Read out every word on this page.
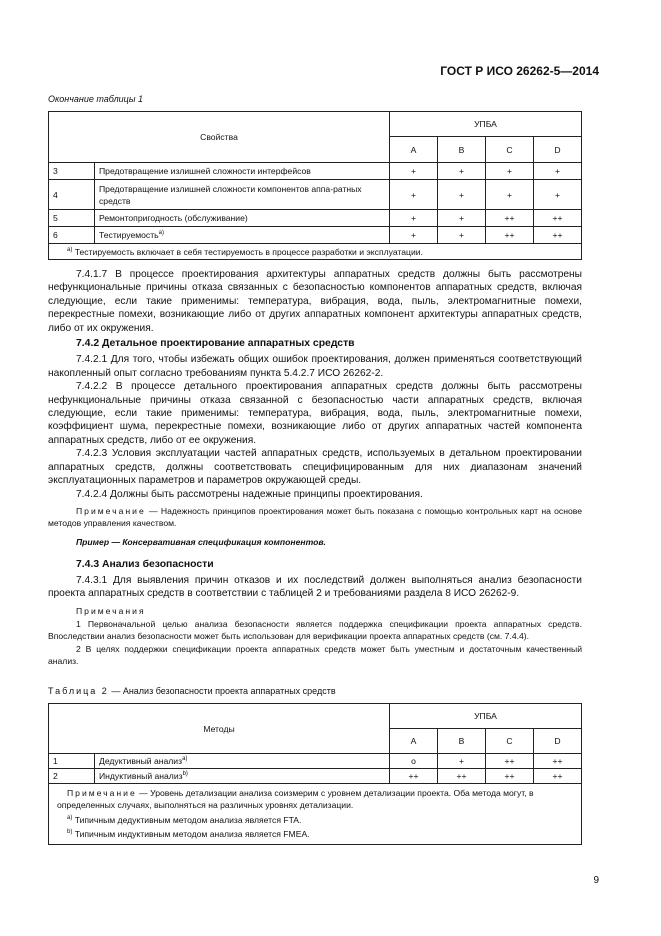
ГОСТ Р ИСО 26262-5—2014
Окончание таблицы 1
Свойства		УПБА			
		A	B	C	D
3	Предотвращение излишней сложности интерфейсов	+	+	+	+
4	Предотвращение излишней сложности компонентов аппа-ратных средств	+	+	+	+
5	Ремонтопригодность (обслуживание)	+	+	++	++
6	Тестируемость$^{a)}$	+	+	++	++
$^{a)}$ Тестируемость включает в себя тестируемость в процессе разработки и эксплуатации.					
7.4.1.7 В процессе проектирования архитектуры аппаратных средств должны быть рассмотрены нефункциональные причины отказа связанных с безопасностью компонентов аппаратных средств, включая следующие, если такие применимы: температура, вибрация, вода, пыль, электромагнитные помехи, перекрестные помехи, возникающие либо от других аппаратных компонент архитектуры аппаратных средств, либо от их окружения.
7.4.2 Детальное проектирование аппаратных средств
7.4.2.1 Для того, чтобы избежать общих ошибок проектирования, должен применяться соответствующий накопленный опыт согласно требованиям пункта 5.4.2.7 ИСО 26262-2.
7.4.2.2 В процессе детального проектирования аппаратных средств должны быть рассмотрены нефункциональные причины отказа связанной с безопасностью части аппаратных средств, включая следующие, если такие применимы: температура, вибрация, вода, пыль, электромагнитные помехи, коэффициент шума, перекрестные помехи, возникающие либо от других аппаратных частей компонента аппаратных средств, либо от ее окружения.
7.4.2.3 Условия эксплуатации частей аппаратных средств, используемых в детальном проектировании аппаратных средств, должны соответствовать специфицированным для них диапазонам значений эксплуатационных параметров и параметров окружающей среды.
7.4.2.4 Должны быть рассмотрены надежные принципы проектирования.
Примечание — Надежность принципов проектирования может быть показана с помощью контрольных карт на основе методов управления качеством.
Пример — Консервативная спецификация компонентов.
7.4.3 Анализ безопасности
7.4.3.1 Для выявления причин отказов и их последствий должен выполняться анализ безопасности проекта аппаратных средств в соответствии с таблицей 2 и требованиями раздела 8 ИСО 26262-9.
Примечания
1 Первоначальной целью анализа безопасности является поддержка спецификации проекта аппаратных средств. Впоследствии анализ безопасности может быть использован для верификации проекта аппаратных средств (см. 7.4.4).
2 В целях поддержки спецификации проекта аппаратных средств может быть уместным и достаточным качественный анализ.
Таблица 2 — Анализ безопасности проекта аппаратных средств
Методы		УПБА			
		A	B	C	D
1	Дедуктивный анализ$^{a)}$	o	+	++	++
2	Индуктивный анализ$^{b)}$	++	++	++	++

Примечание — Уровень детализации анализа соизмерим с уровнем детализации проекта. Оба метода могут, в определенных случаях, выполняться на различных уровнях детализации.
$^{a)}$ Типичным дедуктивным методом анализа является FTA.
$^{b)}$ Типичным индуктивным методом анализа является FMEA.					
9
